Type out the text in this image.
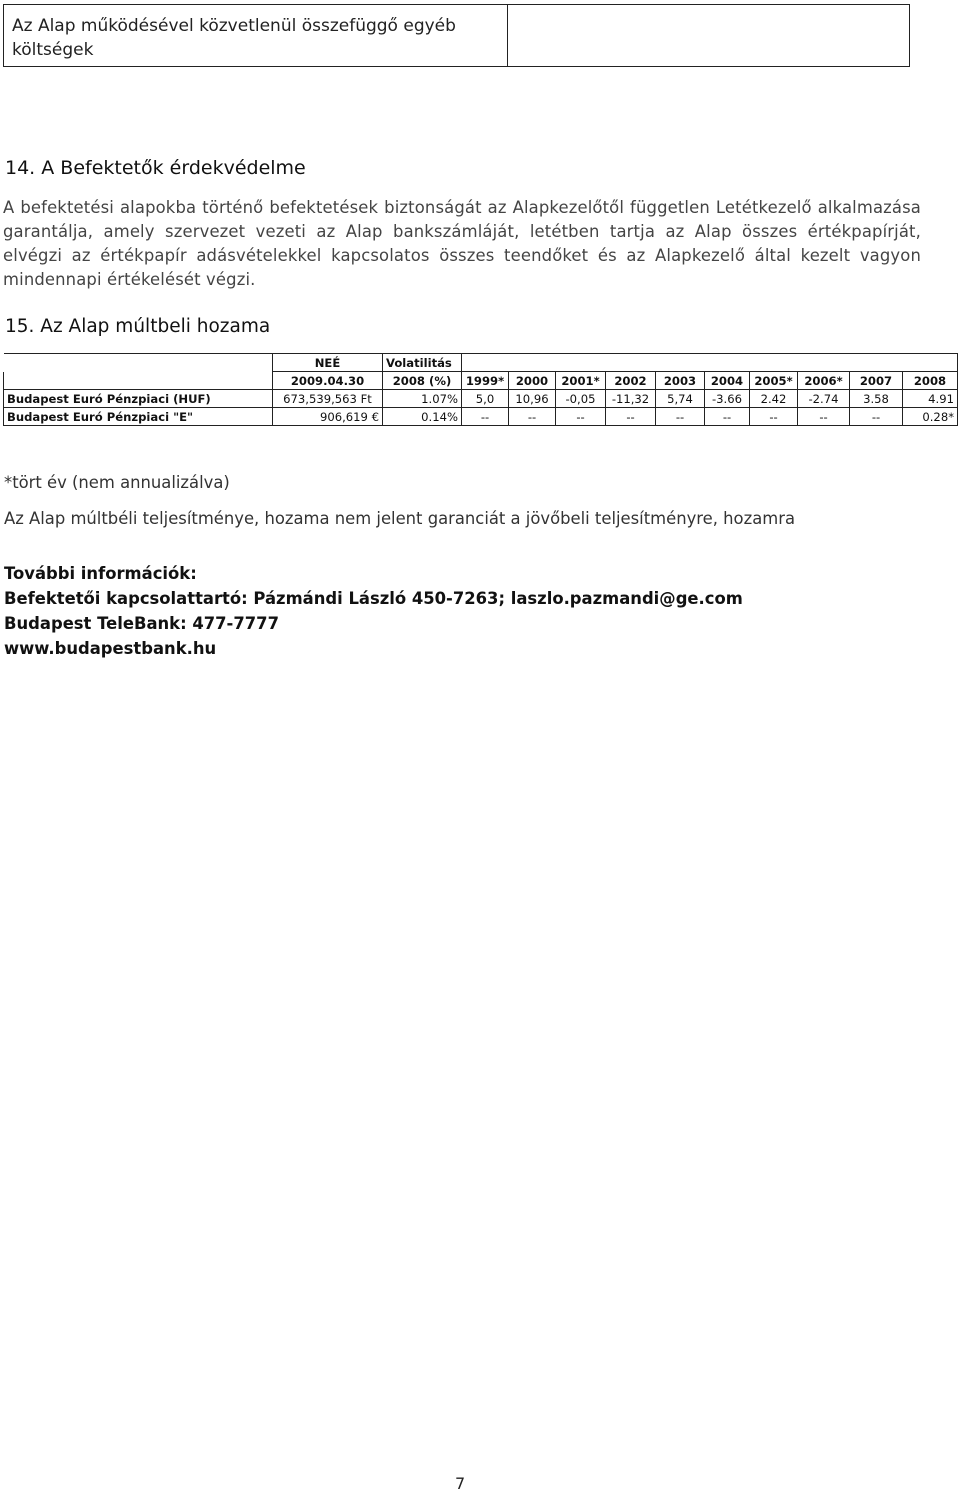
Az Alap működésével közvetlenül összefüggő egyéb költségek
14. A Befektetők érdekvédelme
A befektetési alapokba történő befektetések biztonságát az Alapkezelőtől független Letétkezelő alkalmazása garantálja, amely szervezet vezeti az Alap bankszámláját, letétben tartja az Alap összes értékpapírját, elvégzi az értékpapír adásvételekkel kapcsolatos összes teendőket és az Alapkezelő által kezelt vagyon mindennapi értékelését végzi.
15. Az Alap múltbeli hozama
	NEÉ	Volatilitás										
	2009.04.30	2008 (%)	1999*	2000	2001*	2002	2003	2004	2005*	2006*	2007	2008
Budapest Euró Pénzpiaci (HUF)	673,539,563 Ft	1.07%	5,0	10,96	-0,05	-11,32	5,74	-3.66	2.42	-2.74	3.58	4.91
Budapest Euró Pénzpiaci "E"	906,619 €	0.14%	--	--	--	--	--	--	--	--	--	0.28*
*tört év (nem annualizálva)
Az Alap múltbéli teljesítménye, hozama nem jelent garanciát a jövőbeli teljesítményre, hozamra
További információk:
Befektetői kapcsolattartó: Pázmándi László 450-7263; laszlo.pazmandi@ge.com
Budapest TeleBank: 477-7777
www.budapestbank.hu
7
